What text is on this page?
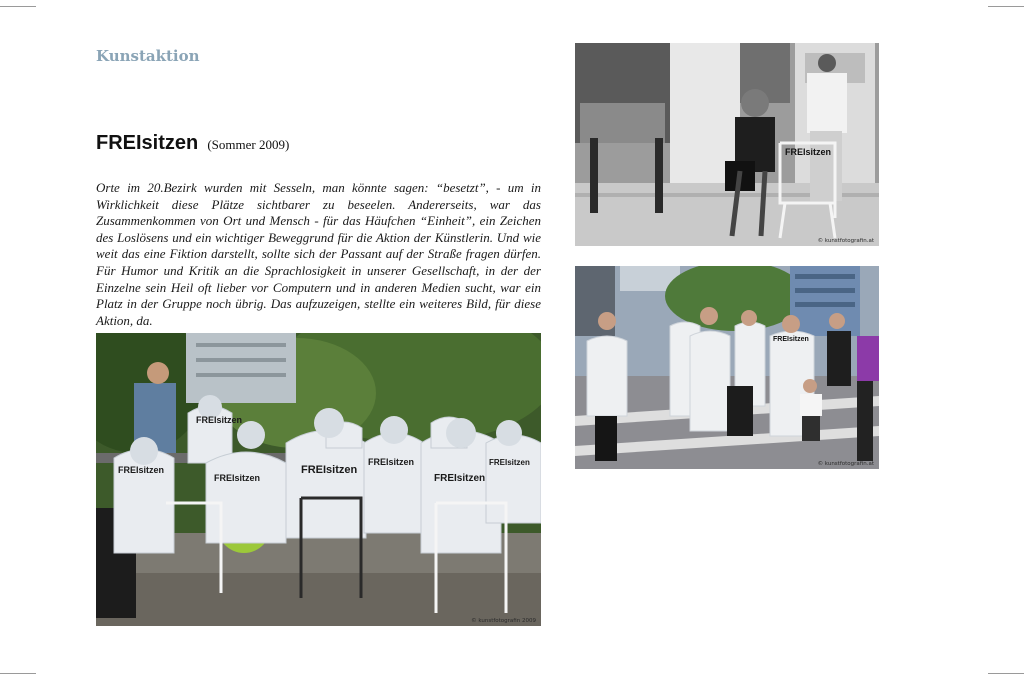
Kunstaktion
FREIsitzen (Sommer 2009)

Orte im 20.Bezirk wurden mit Sesseln, man könnte sagen: “besetzt”, - um in Wirklichkeit diese Plätze sichtbarer zu beseelen. Andererseits, war das Zusammenkommen von Ort und Mensch - für das Häufchen “Einheit”, ein Zeichen des Loslösens und ein wichtiger Beweggrund für die Aktion der Künstlerin. Und wie weit das eine Fiktion darstellt, sollte sich der Passant auf der Straße fragen dürfen. Für Humor und Kritik an die Sprachlosigkeit in unserer Gesellschaft, in der der Einzelne sein Heil oft lieber vor Computern und in anderen Medien sucht, war ein Platz in der Gruppe noch übrig. Das aufzuzeigen, stellte ein weiteres Bild, für diese Aktion, da.

FREIsitzen
FREIsitzen
FREIsitzen
FREIsitzen
FREIsitzen
FREIsitzen
FREIsitzen
© kunstfotografin 2009
FREIsitzen
© kunstfotografin.at
FREIsitzen
© kunstfotografin.at
